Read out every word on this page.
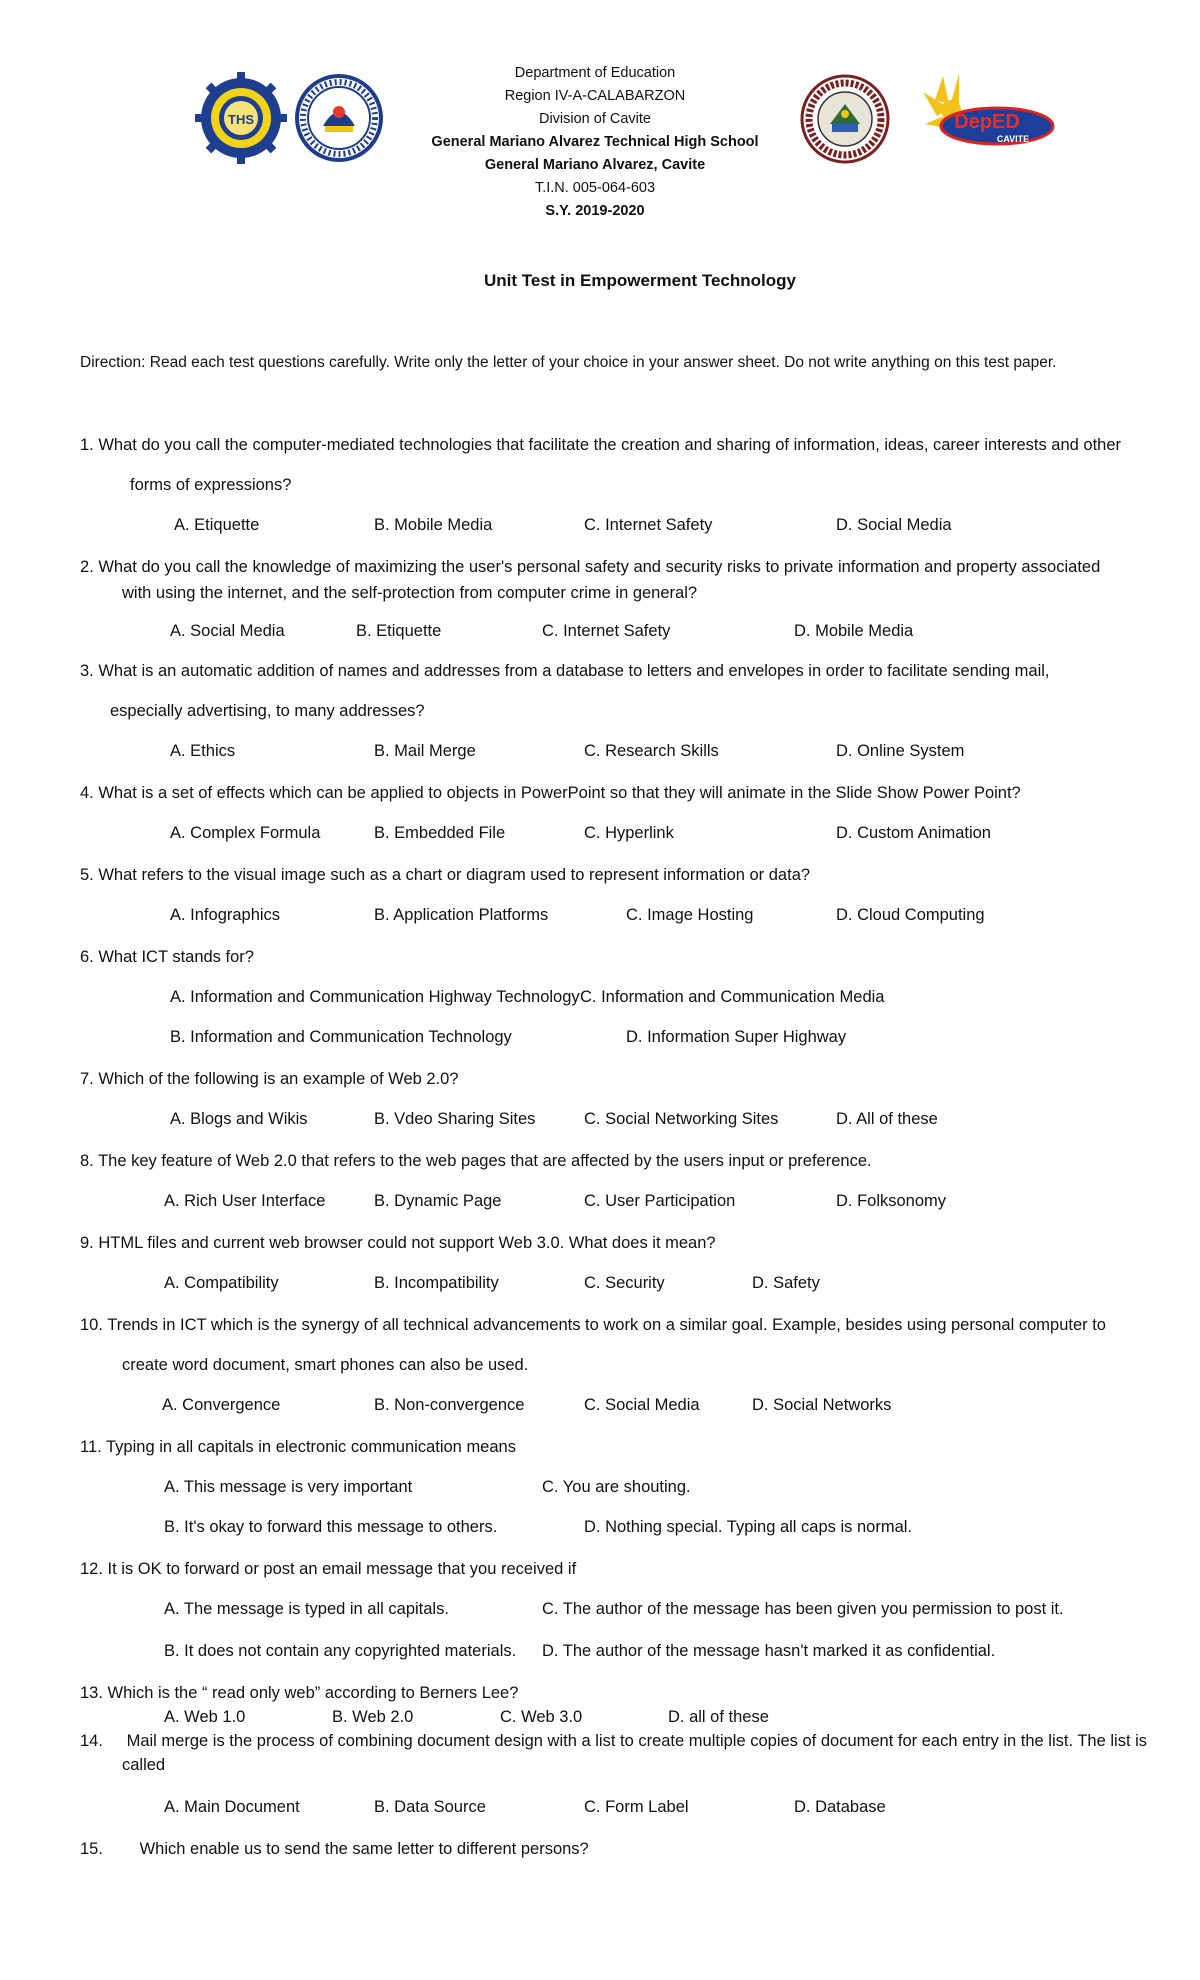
THS
Department of Education
Region IV-A-CALABARZON
Division of Cavite
General Mariano Alvarez Technical High School
General Mariano Alvarez, Cavite
T.I.N. 005-064-603
S.Y. 2019-2020
DepED
CAVITE
Unit Test in Empowerment Technology
Direction: Read each test questions carefully. Write only the letter of your choice in your answer sheet. Do not write anything on this test paper.
1. What do you call the computer-mediated technologies that facilitate the creation and sharing of information, ideas, career interests and other
forms of expressions?
A. Etiquette	B. Mobile Media	C. Internet Safety	D. Social Media
2. What do you call the knowledge of maximizing the user's personal safety and security risks to private information and property associated
with using the internet, and the self-protection from computer crime in general?
A. Social Media	B. Etiquette	C. Internet Safety	D. Mobile Media
3. What is an automatic addition of names and addresses from a database to letters and envelopes in order to facilitate sending mail,
especially advertising, to many addresses?
A. Ethics	B. Mail Merge	C. Research Skills	D. Online System
4. What is a set of effects which can be applied to objects in PowerPoint so that they will animate in the Slide Show Power Point?
A. Complex Formula	B. Embedded File	C. Hyperlink	D. Custom Animation
5. What refers to the visual image such as a chart or diagram used to represent information or data?
A. Infographics	B. Application Platforms	C. Image Hosting	D. Cloud Computing
6. What ICT stands for?
A. Information and Communication Highway Technology C. Information and Communication Media
B. Information and Communication Technology	D. Information Super Highway
7. Which of the following is an example of Web 2.0?
A. Blogs and Wikis	B. Vdeo Sharing Sites	C. Social Networking Sites	D. All of these
8. The key feature of Web 2.0 that refers to the web pages that are affected by the users input or preference.
A. Rich User Interface	B. Dynamic Page	C. User Participation	D. Folksonomy
9. HTML files and current web browser could not support Web 3.0. What does it mean?
A. Compatibility	B. Incompatibility	C. Security	D. Safety
10. Trends in ICT which is the synergy of all technical advancements to work on a similar goal. Example, besides using personal computer to
create word document, smart phones can also be used.
A. Convergence	B. Non-convergence	C. Social Media	D. Social Networks
11. Typing in all capitals in electronic communication means
A. This message is very important	C. You are shouting.
B. It's okay to forward this message to others.	D. Nothing special. Typing all caps is normal.
12. It is OK to forward or post an email message that you received if
A. The message is typed in all capitals.	C. The author of the message has been given you permission to post it.
B. It does not contain any copyrighted materials. D. The author of the message hasn't marked it as confidential.
13. Which is the “ read only web” according to Berners Lee?
A. Web 1.0	B. Web 2.0	C. Web 3.0	D. all of these
14. Mail merge is the process of combining document design with a list to create multiple copies of document for each entry in the list. The list is
called
A. Main Document	B. Data Source	C. Form Label	D. Database
15. Which enable us to send the same letter to different persons?
